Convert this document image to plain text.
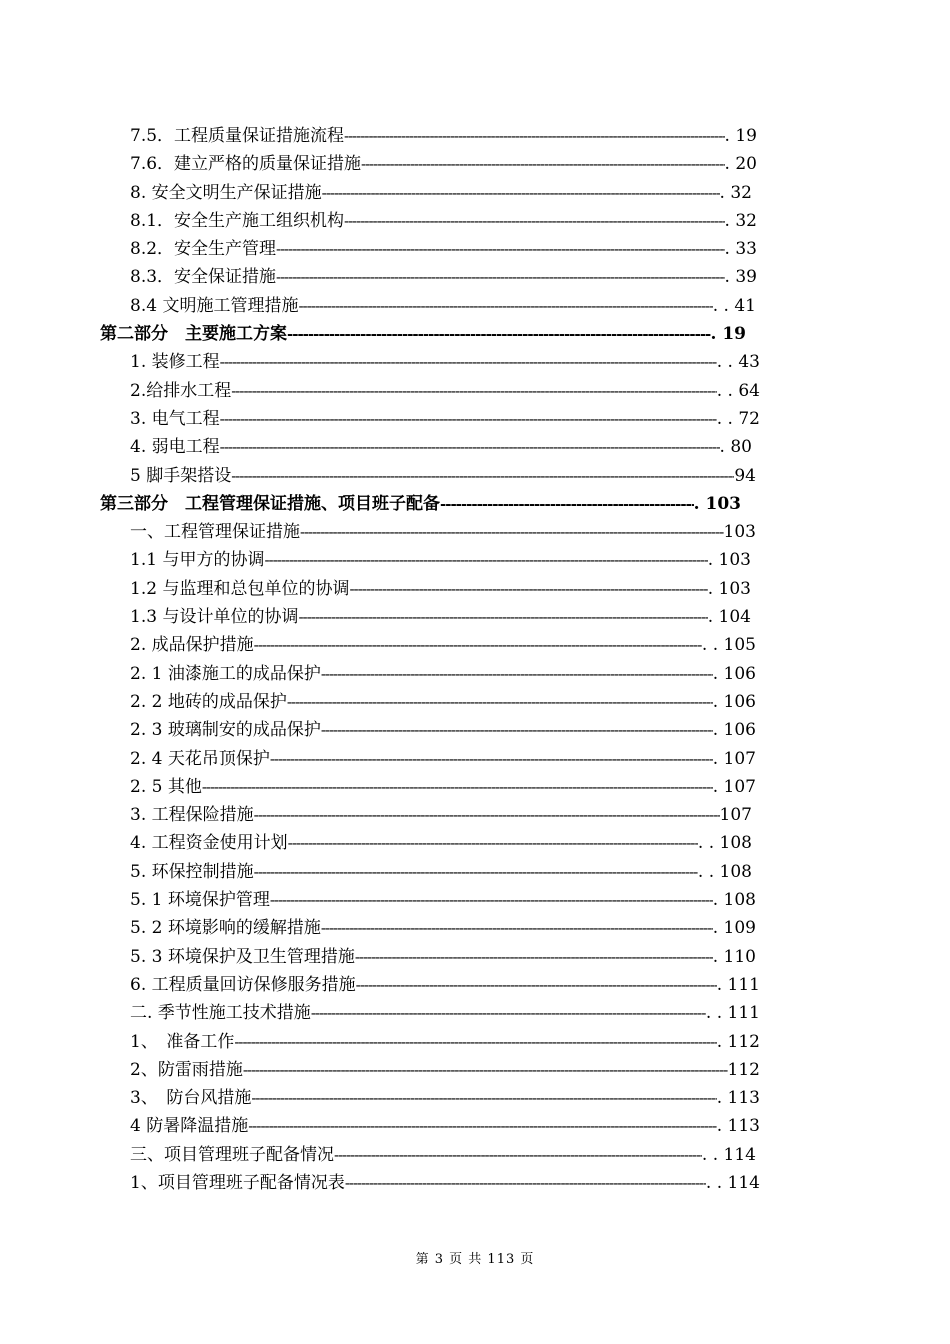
7.5．工程质量保证措施流程 -----	. 19
7.6．建立严格的质量保证措施 -----	. 20
8. 安全文明生产保证措施 -----	. 32
8.1．安全生产施工组织机构 -----	. 32
8.2．安全生产管理 -----	. 33
8.3．安全保证措施 -----	. 39
8.4 文明施工管理措施 -----	. . 41
第二部分　主要施工方案 -----	. 19
1. 装修工程 -----	. . 43
2.给排水工程 -----	. . 64
3. 电气工程 -----	. . 72
4. 弱电工程 -----	. 80
5 脚手架搭设 -----	94
第三部分　工程管理保证措施、项目班子配备 -----	. 103
一、工程管理保证措施 -----	103
1.1 与甲方的协调 -----	. 103
1.2 与监理和总包单位的协调 -----	. 103
1.3 与设计单位的协调 -----	. 104
2. 成品保护措施 -----	. . 105
2. 1 油漆施工的成品保护 -----	. 106
2. 2 地砖的成品保护 -----	. 106
2. 3 玻璃制安的成品保护 -----	. 106
2. 4 天花吊顶保护 -----	. 107
2. 5 其他 -----	. 107
3. 工程保险措施 -----	107
4. 工程资金使用计划 -----	. . 108
5. 环保控制措施 -----	. . 108
5. 1 环境保护管理 -----	. 108
5. 2 环境影响的缓解措施 -----	. 109
5. 3 环境保护及卫生管理措施 -----	. 110
6. 工程质量回访保修服务措施 -----	. 111
二. 季节性施工技术措施 -----	. . 111
1、　准备工作 -----	. 112
2、防雷雨措施 -----	112
3、　防台风措施 -----	. 113
4 防暑降温措施 -----	. 113
三、项目管理班子配备情况 -----	. . 114
1、项目管理班子配备情况表 -----	. . 114
第 3 页 共 113 页
